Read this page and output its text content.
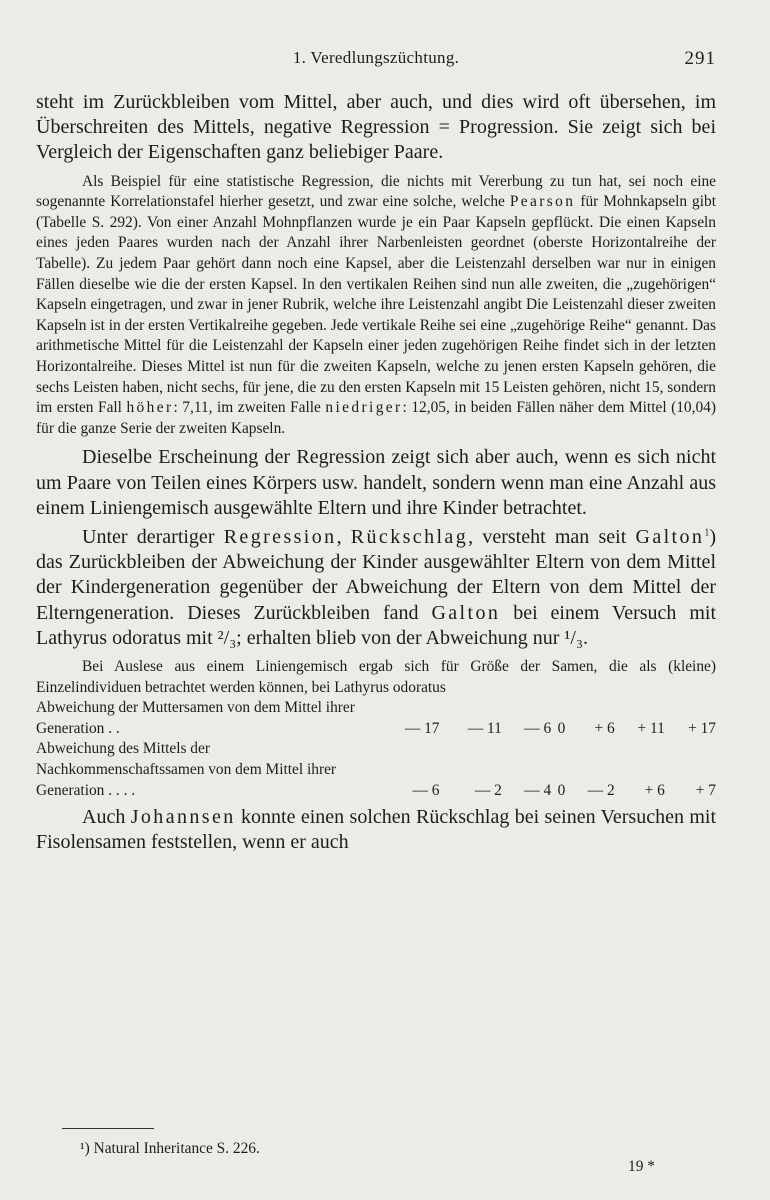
1. Veredlungszüchtung.	291

steht im Zurückbleiben vom Mittel, aber auch, und dies wird oft übersehen, im Überschreiten des Mittels, negative Regression = Progression. Sie zeigt sich bei Vergleich der Eigenschaften ganz beliebiger Paare.

Als Beispiel für eine statistische Regression, die nichts mit Vererbung zu tun hat, sei noch eine sogenannte Korrelationstafel hierher gesetzt, und zwar eine solche, welche Pearson für Mohnkapseln gibt (Tabelle S. 292). Von einer Anzahl Mohnpflanzen wurde je ein Paar Kapseln gepflückt. Die einen Kapseln eines jeden Paares wurden nach der Anzahl ihrer Narbenleisten geordnet (oberste Horizontalreihe der Tabelle). Zu jedem Paar gehört dann noch eine Kapsel, aber die Leistenzahl derselben war nur in einigen Fällen dieselbe wie die der ersten Kapsel. In den vertikalen Reihen sind nun alle zweiten, die „zugehörigen“ Kapseln eingetragen, und zwar in jener Rubrik, welche ihre Leistenzahl angibt Die Leistenzahl dieser zweiten Kapseln ist in der ersten Vertikalreihe gegeben. Jede vertikale Reihe sei eine „zugehörige Reihe“ genannt. Das arithmetische Mittel für die Leistenzahl der Kapseln einer jeden zugehörigen Reihe findet sich in der letzten Horizontalreihe. Dieses Mittel ist nun für die zweiten Kapseln, welche zu jenen ersten Kapseln gehören, die sechs Leisten haben, nicht sechs, für jene, die zu den ersten Kapseln mit 15 Leisten gehören, nicht 15, sondern im ersten Fall höher: 7,11, im zweiten Falle niedriger: 12,05, in beiden Fällen näher dem Mittel (10,04) für die ganze Serie der zweiten Kapseln.

Dieselbe Erscheinung der Regression zeigt sich aber auch, wenn es sich nicht um Paare von Teilen eines Körpers usw. handelt, sondern wenn man eine Anzahl aus einem Liniengemisch ausgewählte Eltern und ihre Kinder betrachtet.

Unter derartiger Regression, Rückschlag, versteht man seit Galton$^1$) das Zurückbleiben der Abweichung der Kinder ausgewählter Eltern von dem Mittel der Kindergeneration gegenüber der Abweichung der Eltern von dem Mittel der Elterngeneration. Dieses Zurückbleiben fand Galton bei einem Versuch mit Lathyrus odoratus mit ²/₃; erhalten blieb von der Abweichung nur ¹/₃.

Bei Auslese aus einem Liniengemisch ergab sich für Größe der Samen, die als (kleine) Einzelindividuen betrachtet werden können, bei Lathyrus odoratus

Abweichung der Muttersamen von dem Mittel ihrer Generation . .	— 17	— 11	— 6	0	+ 6	+ 11	+ 17
Abweichung des Mittels der Nachkommenschaftssamen von dem Mittel ihrer Generation . . . .	— 6	— 2	— 4	0	— 2	+ 6	+ 7

Auch Johannsen konnte einen solchen Rückschlag bei seinen Versuchen mit Fisolensamen feststellen, wenn er auch

¹) Natural Inheritance S. 226.
19 *
